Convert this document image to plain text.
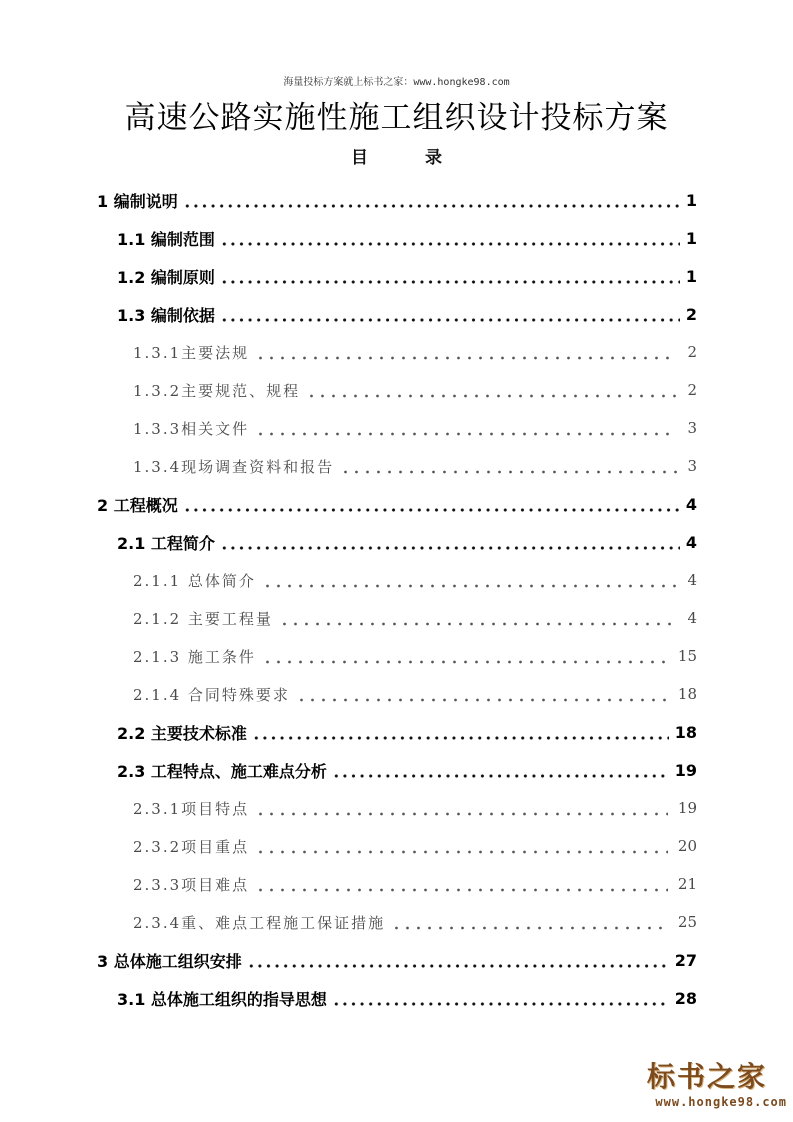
海量投标方案就上标书之家：www.hongke98.com
高速公路实施性施工组织设计投标方案
目　录
1 编制说明	1
1.1 编制范围	1
1.2 编制原则	1
1.3 编制依据	2
1.3.1主要法规	2
1.3.2主要规范、规程	2
1.3.3相关文件	3
1.3.4现场调查资料和报告	3
2 工程概况	4
2.1 工程简介	4
2.1.1 总体简介	4
2.1.2 主要工程量	4
2.1.3 施工条件	15
2.1.4 合同特殊要求	18
2.2 主要技术标准	18
2.3 工程特点、施工难点分析	19
2.3.1项目特点	19
2.3.2项目重点	20
2.3.3项目难点	21
2.3.4重、难点工程施工保证措施	25
3 总体施工组织安排	27
3.1 总体施工组织的指导思想	28
标书之家
www.hongke98.com
